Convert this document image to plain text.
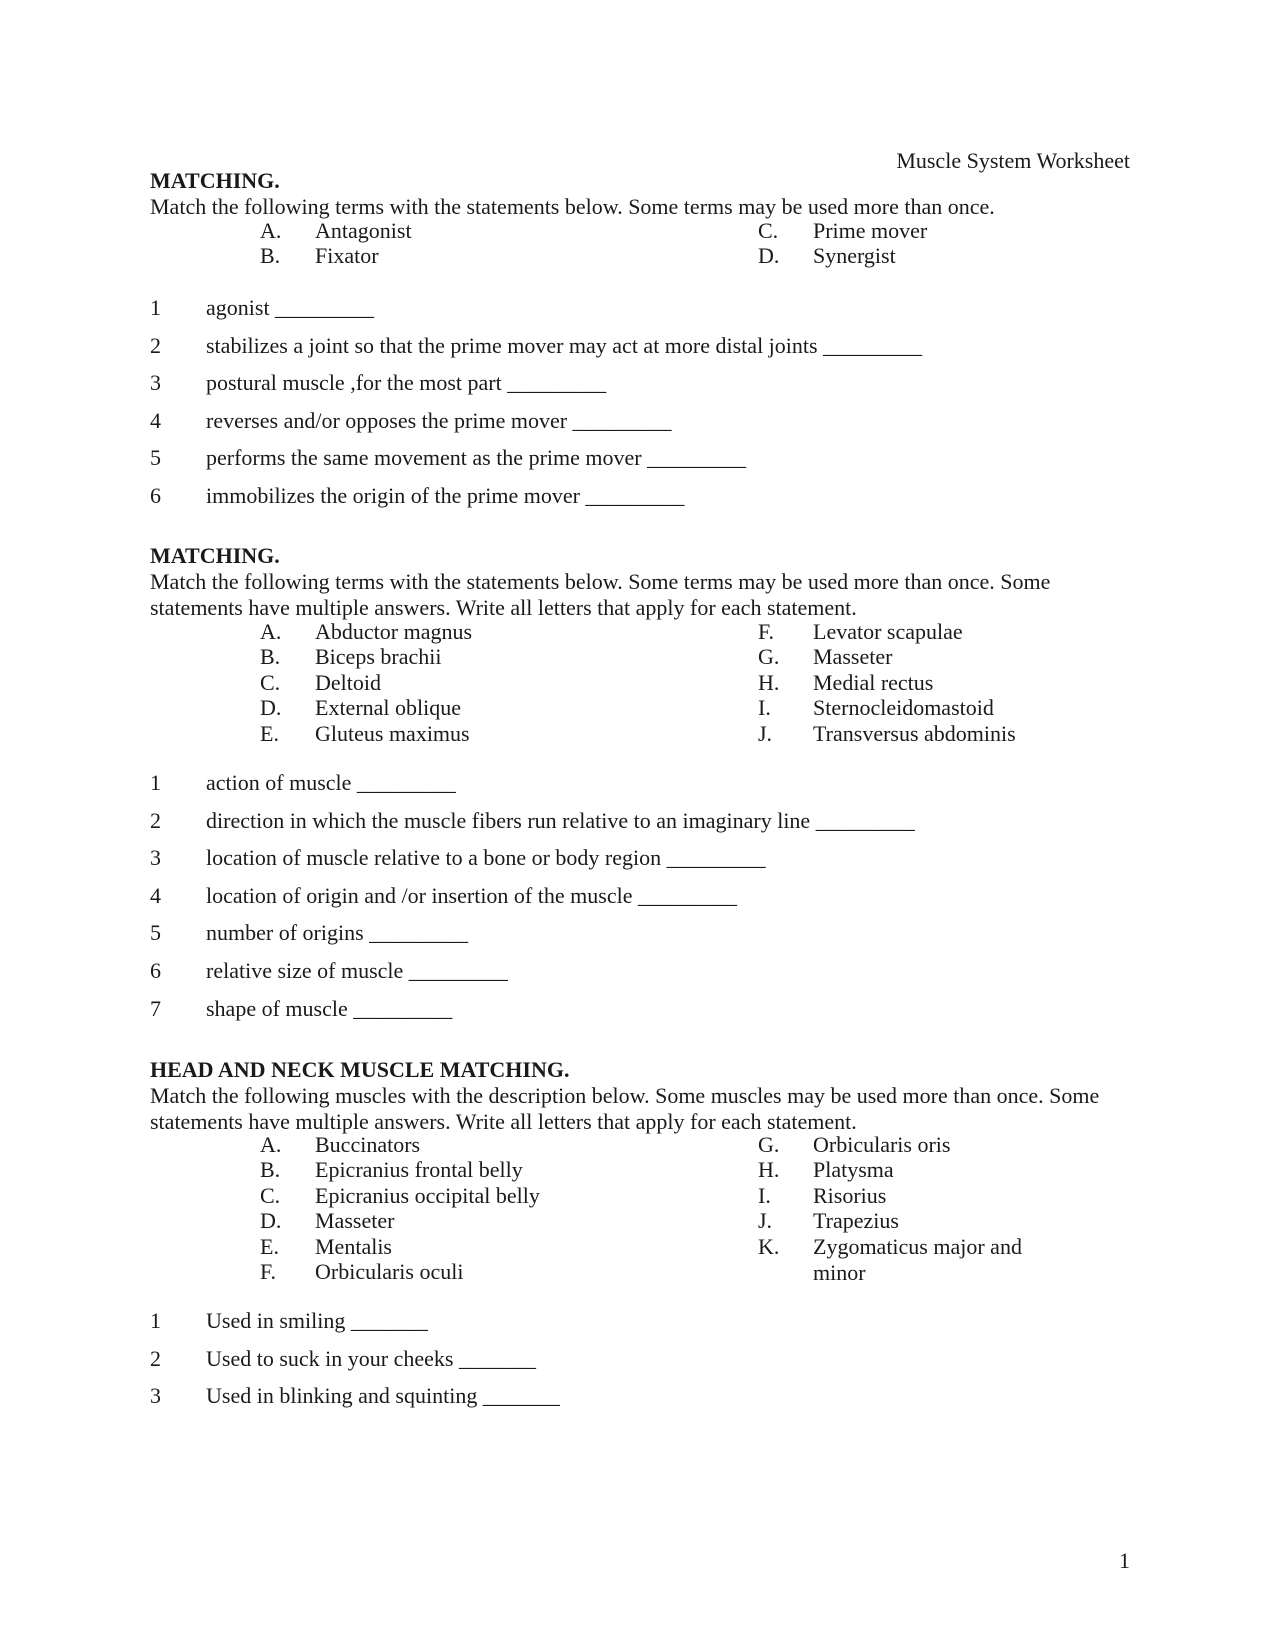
Muscle System Worksheet
MATCHING.
Match the following terms with the statements below. Some terms may be used more than once.
A.	Antagonist
B.	Fixator
C.	Prime mover
D.	Synergist
1	agonist _________
2	stabilizes a joint so that the prime mover may act at more distal joints _________
3	postural muscle ,for the most part _________
4	reverses and/or opposes the prime mover _________
5	performs the same movement as the prime mover _________
6	immobilizes the origin of the prime mover _________
MATCHING.
Match the following terms with the statements below. Some terms may be used more than once. Some statements have multiple answers. Write all letters that apply for each statement.
A.	Abductor magnus
B.	Biceps brachii
C.	Deltoid
D.	External oblique
E.	Gluteus maximus
F.	Levator scapulae
G.	Masseter
H.	Medial rectus
I.	Sternocleidomastoid
J.	Transversus abdominis
1	action of muscle _________
2	direction in which the muscle fibers run relative to an imaginary line _________
3	location of muscle relative to a bone or body region _________
4	location of origin and /or insertion of the muscle _________
5	number of origins _________
6	relative size of muscle _________
7	shape of muscle _________
HEAD AND NECK MUSCLE MATCHING.
Match the following muscles with the description below. Some muscles may be used more than once. Some statements have multiple answers. Write all letters that apply for each statement.
A.	Buccinators
B.	Epicranius frontal belly
C.	Epicranius occipital belly
D.	Masseter
E.	Mentalis
F.	Orbicularis oculi
G.	Orbicularis oris
H.	Platysma
I.	Risorius
J.	Trapezius
K.	Zygomaticus major and minor
1	Used in smiling _______
2	Used to suck in your cheeks _______
3	Used in blinking and squinting _______
1
